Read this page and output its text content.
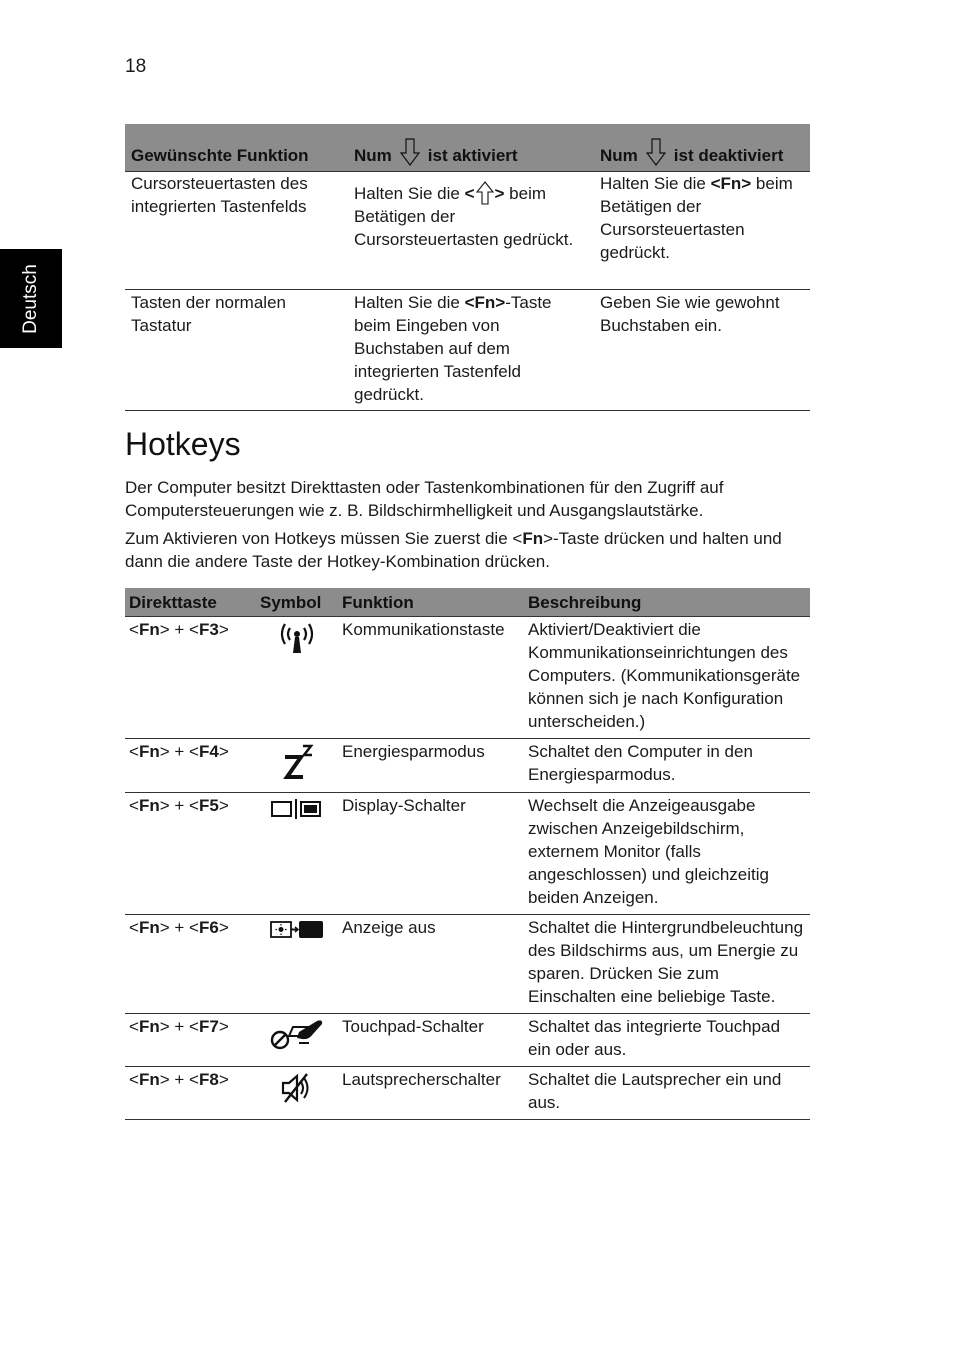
18
Deutsch
Gewünschte Funktion	Num ist aktiviert	Num ist deaktiviert
Cursorsteuertasten des integrierten Tastenfelds	Halten Sie die < > beim Betätigen der Cursorsteuertasten gedrückt.	Halten Sie die <Fn> beim Betätigen der Cursorsteuertasten gedrückt.
Tasten der normalen Tastatur	Halten Sie die <Fn>-Taste beim Eingeben von Buchstaben auf dem integrierten Tastenfeld gedrückt.	Geben Sie wie gewohnt Buchstaben ein.
Hotkeys

Der Computer besitzt Direkttasten oder Tastenkombinationen für den Zugriff auf Computersteuerungen wie z. B. Bildschirmhelligkeit und Ausgangslautstärke.

Zum Aktivieren von Hotkeys müssen Sie zuerst die <Fn>-Taste drücken und halten und dann die andere Taste der Hotkey-Kombination drücken.

Direkttaste	Symbol	Funktion	Beschreibung
<Fn> + <F3>		Kommunikationstaste	Aktiviert/Deaktiviert die Kommunikationseinrichtungen des Computers. (Kommunikationsgeräte können sich je nach Konfiguration unterscheiden.)
<Fn> + <F4>		Energiesparmodus	Schaltet den Computer in den Energiesparmodus.
<Fn> + <F5>		Display-Schalter	Wechselt die Anzeigeausgabe zwischen Anzeigebildschirm, externem Monitor (falls angeschlossen) und gleichzeitig beiden Anzeigen.
<Fn> + <F6>		Anzeige aus	Schaltet die Hintergrundbeleuchtung des Bildschirms aus, um Energie zu sparen. Drücken Sie zum Einschalten eine beliebige Taste.
<Fn> + <F7>		Touchpad-Schalter	Schaltet das integrierte Touchpad ein oder aus.
<Fn> + <F8>		Lautsprecherschalter	Schaltet die Lautsprecher ein und aus.
